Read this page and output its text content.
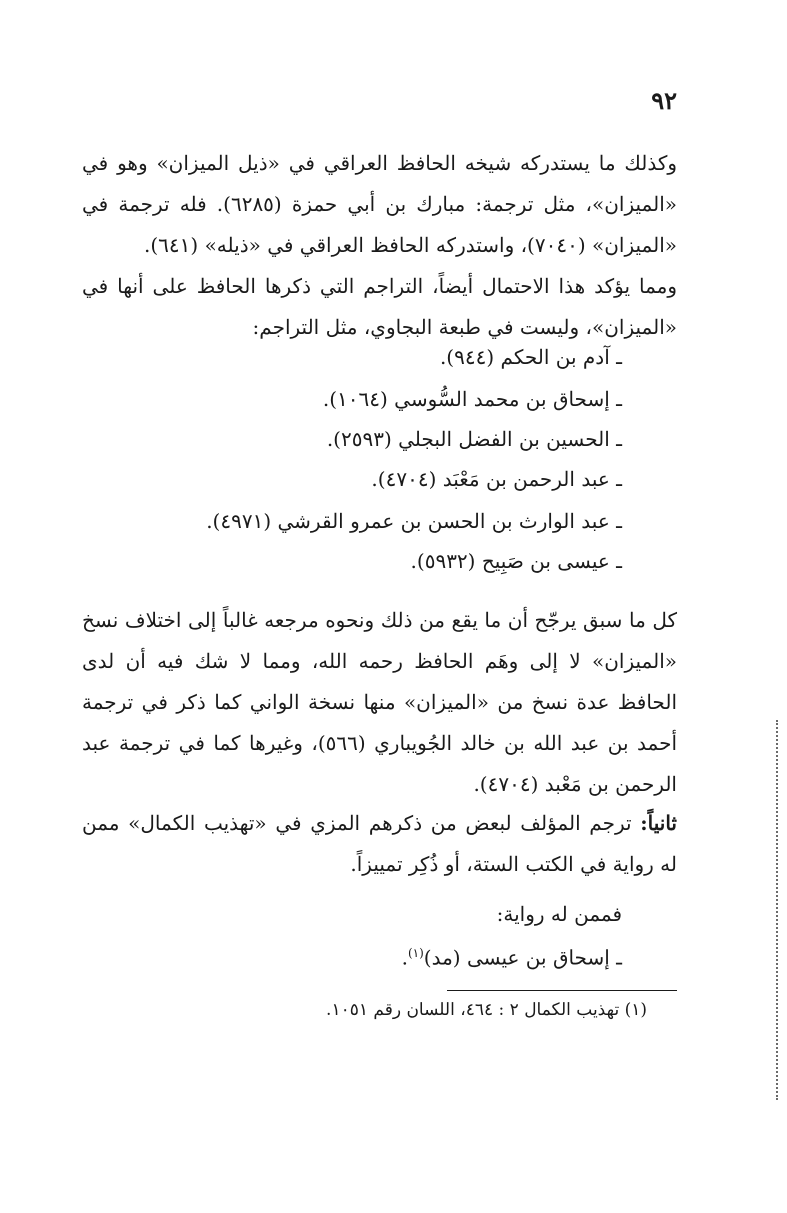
٩٢

وكذلك ما يستدركه شيخه الحافظ العراقي في «ذيل الميزان» وهو في «الميزان»، مثل ترجمة: مبارك بن أبي حمزة (٦٢٨٥). فله ترجمة في «الميزان» (٧٠٤٠)، واستدركه الحافظ العراقي في «ذيله» (٦٤١).

ومما يؤكد هذا الاحتمال أيضاً، التراجم التي ذكرها الحافظ على أنها في «الميزان»، وليست في طبعة البجاوي، مثل التراجم:

ـ آدم بن الحكم (٩٤٤).
ـ إسحاق بن محمد السُّوسي (١٠٦٤).
ـ الحسين بن الفضل البجلي (٢٥٩٣).
ـ عبد الرحمن بن مَعْبَد (٤٧٠٤).
ـ عبد الوارث بن الحسن بن عمرو القرشي (٤٩٧١).
ـ عيسى بن صَبِيح (٥٩٣٢).

كل ما سبق يرجّح أن ما يقع من ذلك ونحوه مرجعه غالباً إلى اختلاف نسخ «الميزان» لا إلى وهَم الحافظ رحمه الله، ومما لا شك فيه أن لدى الحافظ عدة نسخ من «الميزان» منها نسخة الواني كما ذكر في ترجمة أحمد بن عبد الله بن خالد الجُويباري (٥٦٦)، وغيرها كما في ترجمة عبد الرحمن بن مَعْبد (٤٧٠٤).

ثانياً: ترجم المؤلف لبعض من ذكرهم المزي في «تهذيب الكمال» ممن له رواية في الكتب الستة، أو ذُكِر تمييزاً.

فممن له رواية:
ـ إسحاق بن عيسى (مد)$^{(١)}$.
(١) تهذيب الكمال ٢ : ٤٦٤، اللسان رقم ١٠٥١.
